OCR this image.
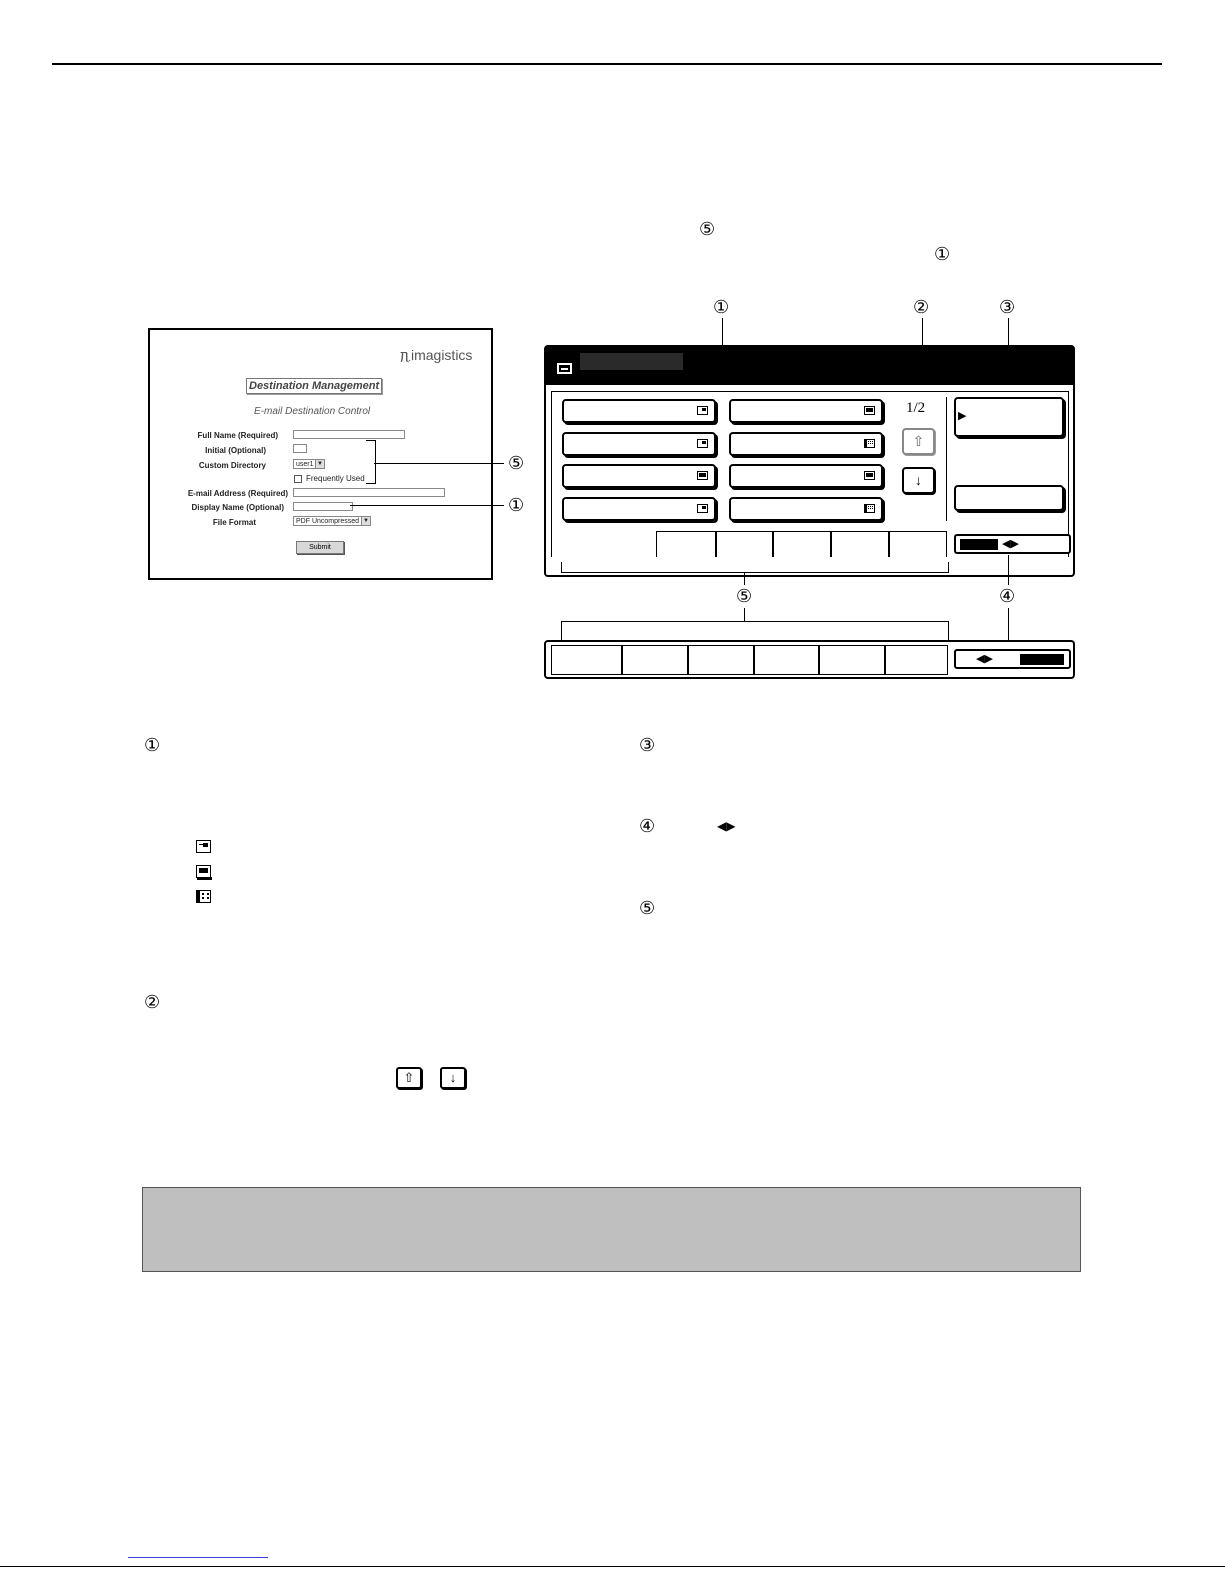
⑤
①
ᥰimagistics
Destination Management
E-mail Destination Control
Full Name (Required)
Initial (Optional)
Custom Directory	user1 ▼
Frequently Used
E-mail Address (Required)
Display Name (Optional)
File Format	PDF Uncompressed ▼
Submit
⑤
①
①	②	③
1/2
⇧
↓
▶
◀▶
⑤	④
◀▶
①	③
④	◀▶
⑤
②
⇧	↓
